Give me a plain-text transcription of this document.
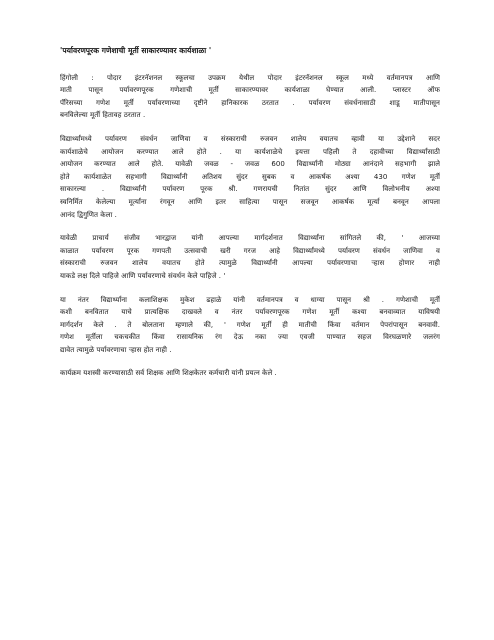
'पर्यावरणपूरक गणेशाची मूर्ती साकारण्यावर कार्यशाळा '
हिंगोली : पोदार इंटरनॅशनल स्कूलचा उपक्रम येथील पोदार इंटरनॅशनल स्कूल मध्ये वर्तमानपत्र आणि
माती पासून पर्यावरणपूरक गणेशाची मूर्ती साकारण्यावर कार्यशाळा घेण्यात आली. प्लास्टर ऑफ
पॅरिसच्या गणेश मूर्ती पर्यावरणाच्या दृष्टीने हानिकारक ठरतात . पर्यावरण संवर्धनासाठी शाडू मातीपासून
बनविलेल्या मूर्ती हितावह ठरतात .
विद्यार्थ्यांमध्ये पर्यावरण संवर्धन जाणिवा व संस्काराची रुजवन शालेय वयातच व्हावी या उद्देशाने सदर
कार्यशाळेचे आयोजन करण्यात आले होते . या कार्यशाळेचे इयत्ता पहिली ते दहावीच्या विद्यार्थ्यांसाठी
आयोजन करण्यात आले होते. यावेळी जवळ - जवळ 600 विद्यार्थ्यांनी मोठ्या आनंदाने सहभागी झाले
होते कार्यशाळेत सहभागी विद्यार्थ्यांनी अतिशय सुंदर सुबक व आकर्षक अश्या 430 गणेश मूर्ती
साकारल्या . विद्यार्थ्यांनी पर्यावरण पूरक श्री. गणरायची नितांत सुंदर आणि विलोभनीय अश्या
स्वनिर्मित केलेल्या मूर्त्यांना रंगवून आणि इतर साहित्या पासून सजवून आकर्षक मूर्त्या बनवून आपला
आनंद द्विगुणित केला .
यावेळी प्राचार्य संजीव भारद्वाज यांनी आपल्या मार्गदर्शनात विद्यार्थ्यांना सांगितले की, ' आजच्या
काळात पर्यावरण पूरक गणपती उत्सवाची खरी गरज आहे विद्यार्थ्यांमध्ये पर्यावरण संवर्धन जाणिवा व
संस्काराची रुजवन शालेय वयातच होते त्यामुळे विद्यार्थ्यांनी आपल्या पर्यावरणाचा ऱ्हास होणार नाही
याकडे लक्ष दिले पाहिजे आणि पर्यावरणाचे संवर्धन केले पाहिजे . '
या नंतर विद्यार्थ्यांना कलाशिक्षक मुकेश ढहाळे यांनी वर्तमानपत्र व धाग्या पासून श्री . गणेशाची मूर्ती
कशी बनवितात याचे प्रात्यक्षिक दाखवले व नंतर पर्यावरणपूरक गणेश मूर्ती कश्या बनवाव्यात याविषयी
मार्गदर्शन केले . ते बोलताना म्हणाले की, ' गणेश मूर्ती ही मातीची किंवा वर्तमान पेपरांपासून बनवावी.
गणेश मूर्तीला चकचकीत किंवा रासायनिक रंग देऊ नका ज्या एवजी पाण्यात सहज विरघळणारे जलरंग
द्यावेत त्यामुळे पर्यावरणाचा ऱ्हास होत नाही .
कार्यक्रम यशस्वी करण्यासाठी सर्व शिक्षक आणि शिक्षकेतर कर्मचारी यांनी प्रयत्न केले .
